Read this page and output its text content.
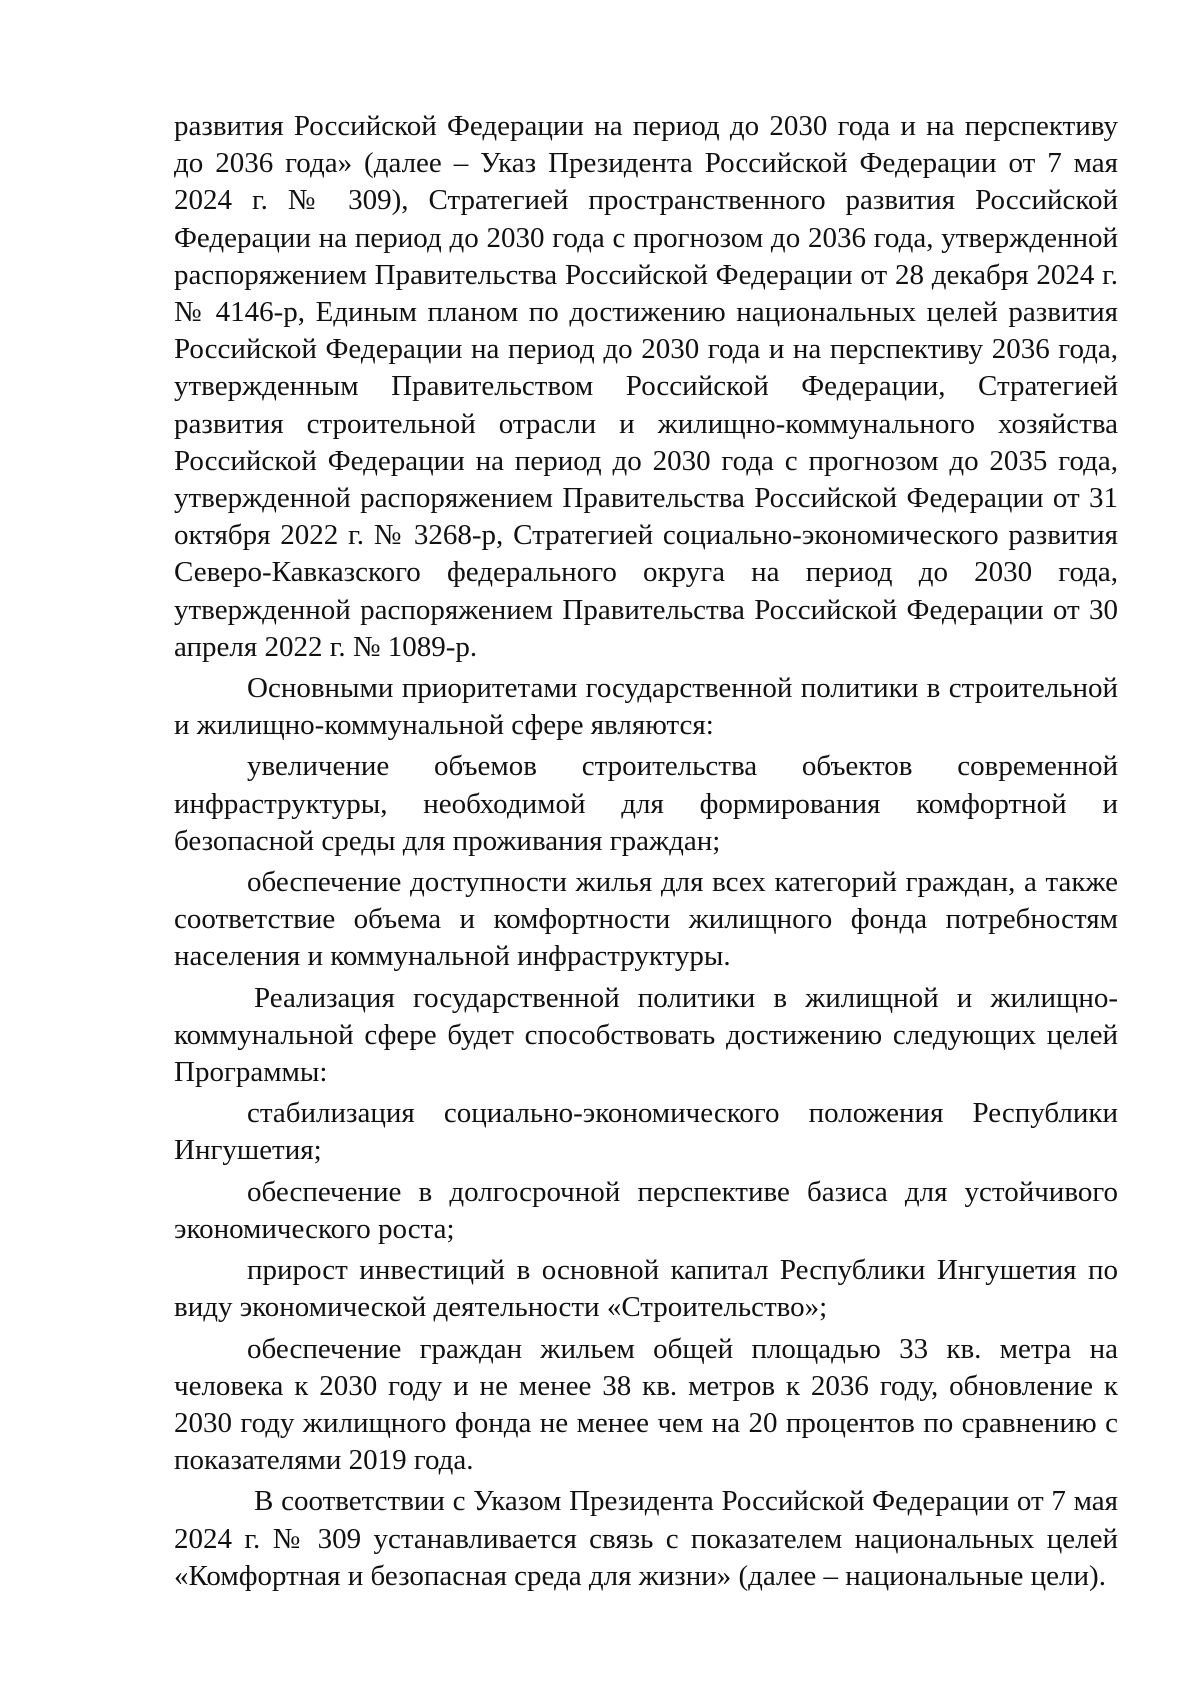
развития Российской Федерации на период до 2030 года и на перспективу до 2036 года» (далее – Указ Президента Российской Федерации от 7 мая 2024 г. № 309), Стратегией пространственного развития Российской Федерации на период до 2030 года с прогнозом до 2036 года, утвержденной распоряжением Правительства Российской Федерации от 28 декабря 2024 г. № 4146-р, Единым планом по достижению национальных целей развития Российской Федерации на период до 2030 года и на перспективу 2036 года, утвержденным Правительством Российской Федерации, Стратегией развития строительной отрасли и жилищно-коммунального хозяйства Российской Федерации на период до 2030 года с прогнозом до 2035 года, утвержденной распоряжением Правительства Российской Федерации от 31 октября 2022 г. № 3268-р, Стратегией социально-экономического развития Северо-Кавказского федерального округа на период до 2030 года, утвержденной распоряжением Правительства Российской Федерации от 30 апреля 2022 г. № 1089-р.

Основными приоритетами государственной политики в строительной и жилищно-коммунальной сфере являются:

увеличение объемов строительства объектов современной инфраструктуры, необходимой для формирования комфортной и безопасной среды для проживания граждан;

обеспечение доступности жилья для всех категорий граждан, а также соответствие объема и комфортности жилищного фонда потребностям населения и коммунальной инфраструктуры.

Реализация государственной политики в жилищной и жилищно-коммунальной сфере будет способствовать достижению следующих целей Программы:

стабилизация социально-экономического положения Республики Ингушетия;

обеспечение в долгосрочной перспективе базиса для устойчивого экономического роста;

прирост инвестиций в основной капитал Республики Ингушетия по виду экономической деятельности «Строительство»;

обеспечение граждан жильем общей площадью 33 кв. метра на человека к 2030 году и не менее 38 кв. метров к 2036 году, обновление к 2030 году жилищного фонда не менее чем на 20 процентов по сравнению с показателями 2019 года.

В соответствии с Указом Президента Российской Федерации от 7 мая 2024 г. № 309 устанавливается связь с показателем национальных целей «Комфортная и безопасная среда для жизни» (далее – национальные цели).
